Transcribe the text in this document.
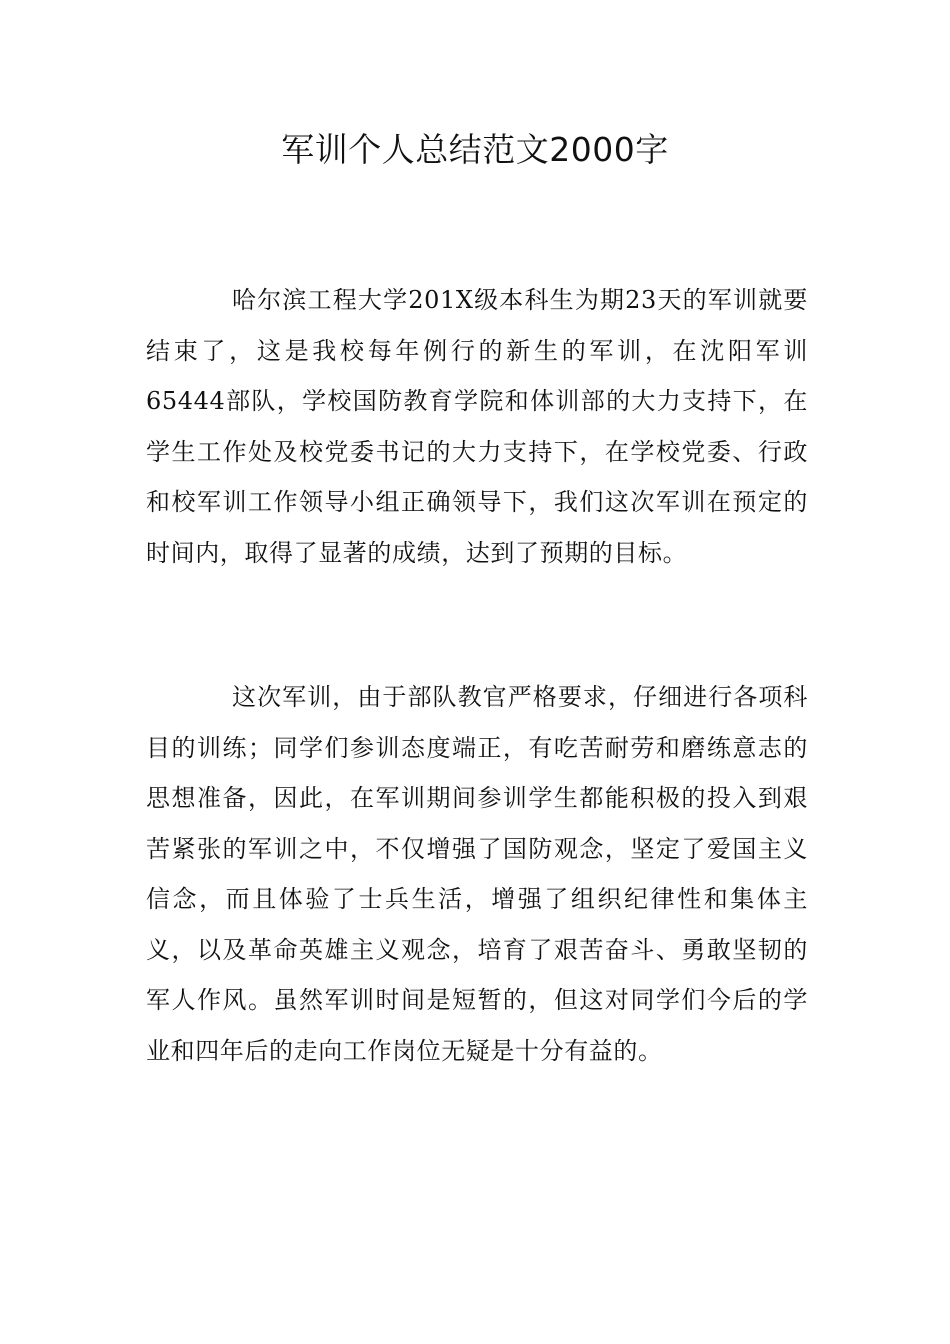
军训个人总结范文2000字

哈尔滨工程大学201X级本科生为期23天的军训就要结束了，这是我校每年例行的新生的军训，在沈阳军训65444部队，学校国防教育学院和体训部的大力支持下，在学生工作处及校党委书记的大力支持下，在学校党委、行政和校军训工作领导小组正确领导下，我们这次军训在预定的时间内，取得了显著的成绩，达到了预期的目标。

这次军训，由于部队教官严格要求，仔细进行各项科目的训练；同学们参训态度端正，有吃苦耐劳和磨练意志的思想准备，因此，在军训期间参训学生都能积极的投入到艰苦紧张的军训之中，不仅增强了国防观念，坚定了爱国主义信念，而且体验了士兵生活，增强了组织纪律性和集体主义，以及革命英雄主义观念，培育了艰苦奋斗、勇敢坚韧的军人作风。虽然军训时间是短暂的，但这对同学们今后的学业和四年后的走向工作岗位无疑是十分有益的。
